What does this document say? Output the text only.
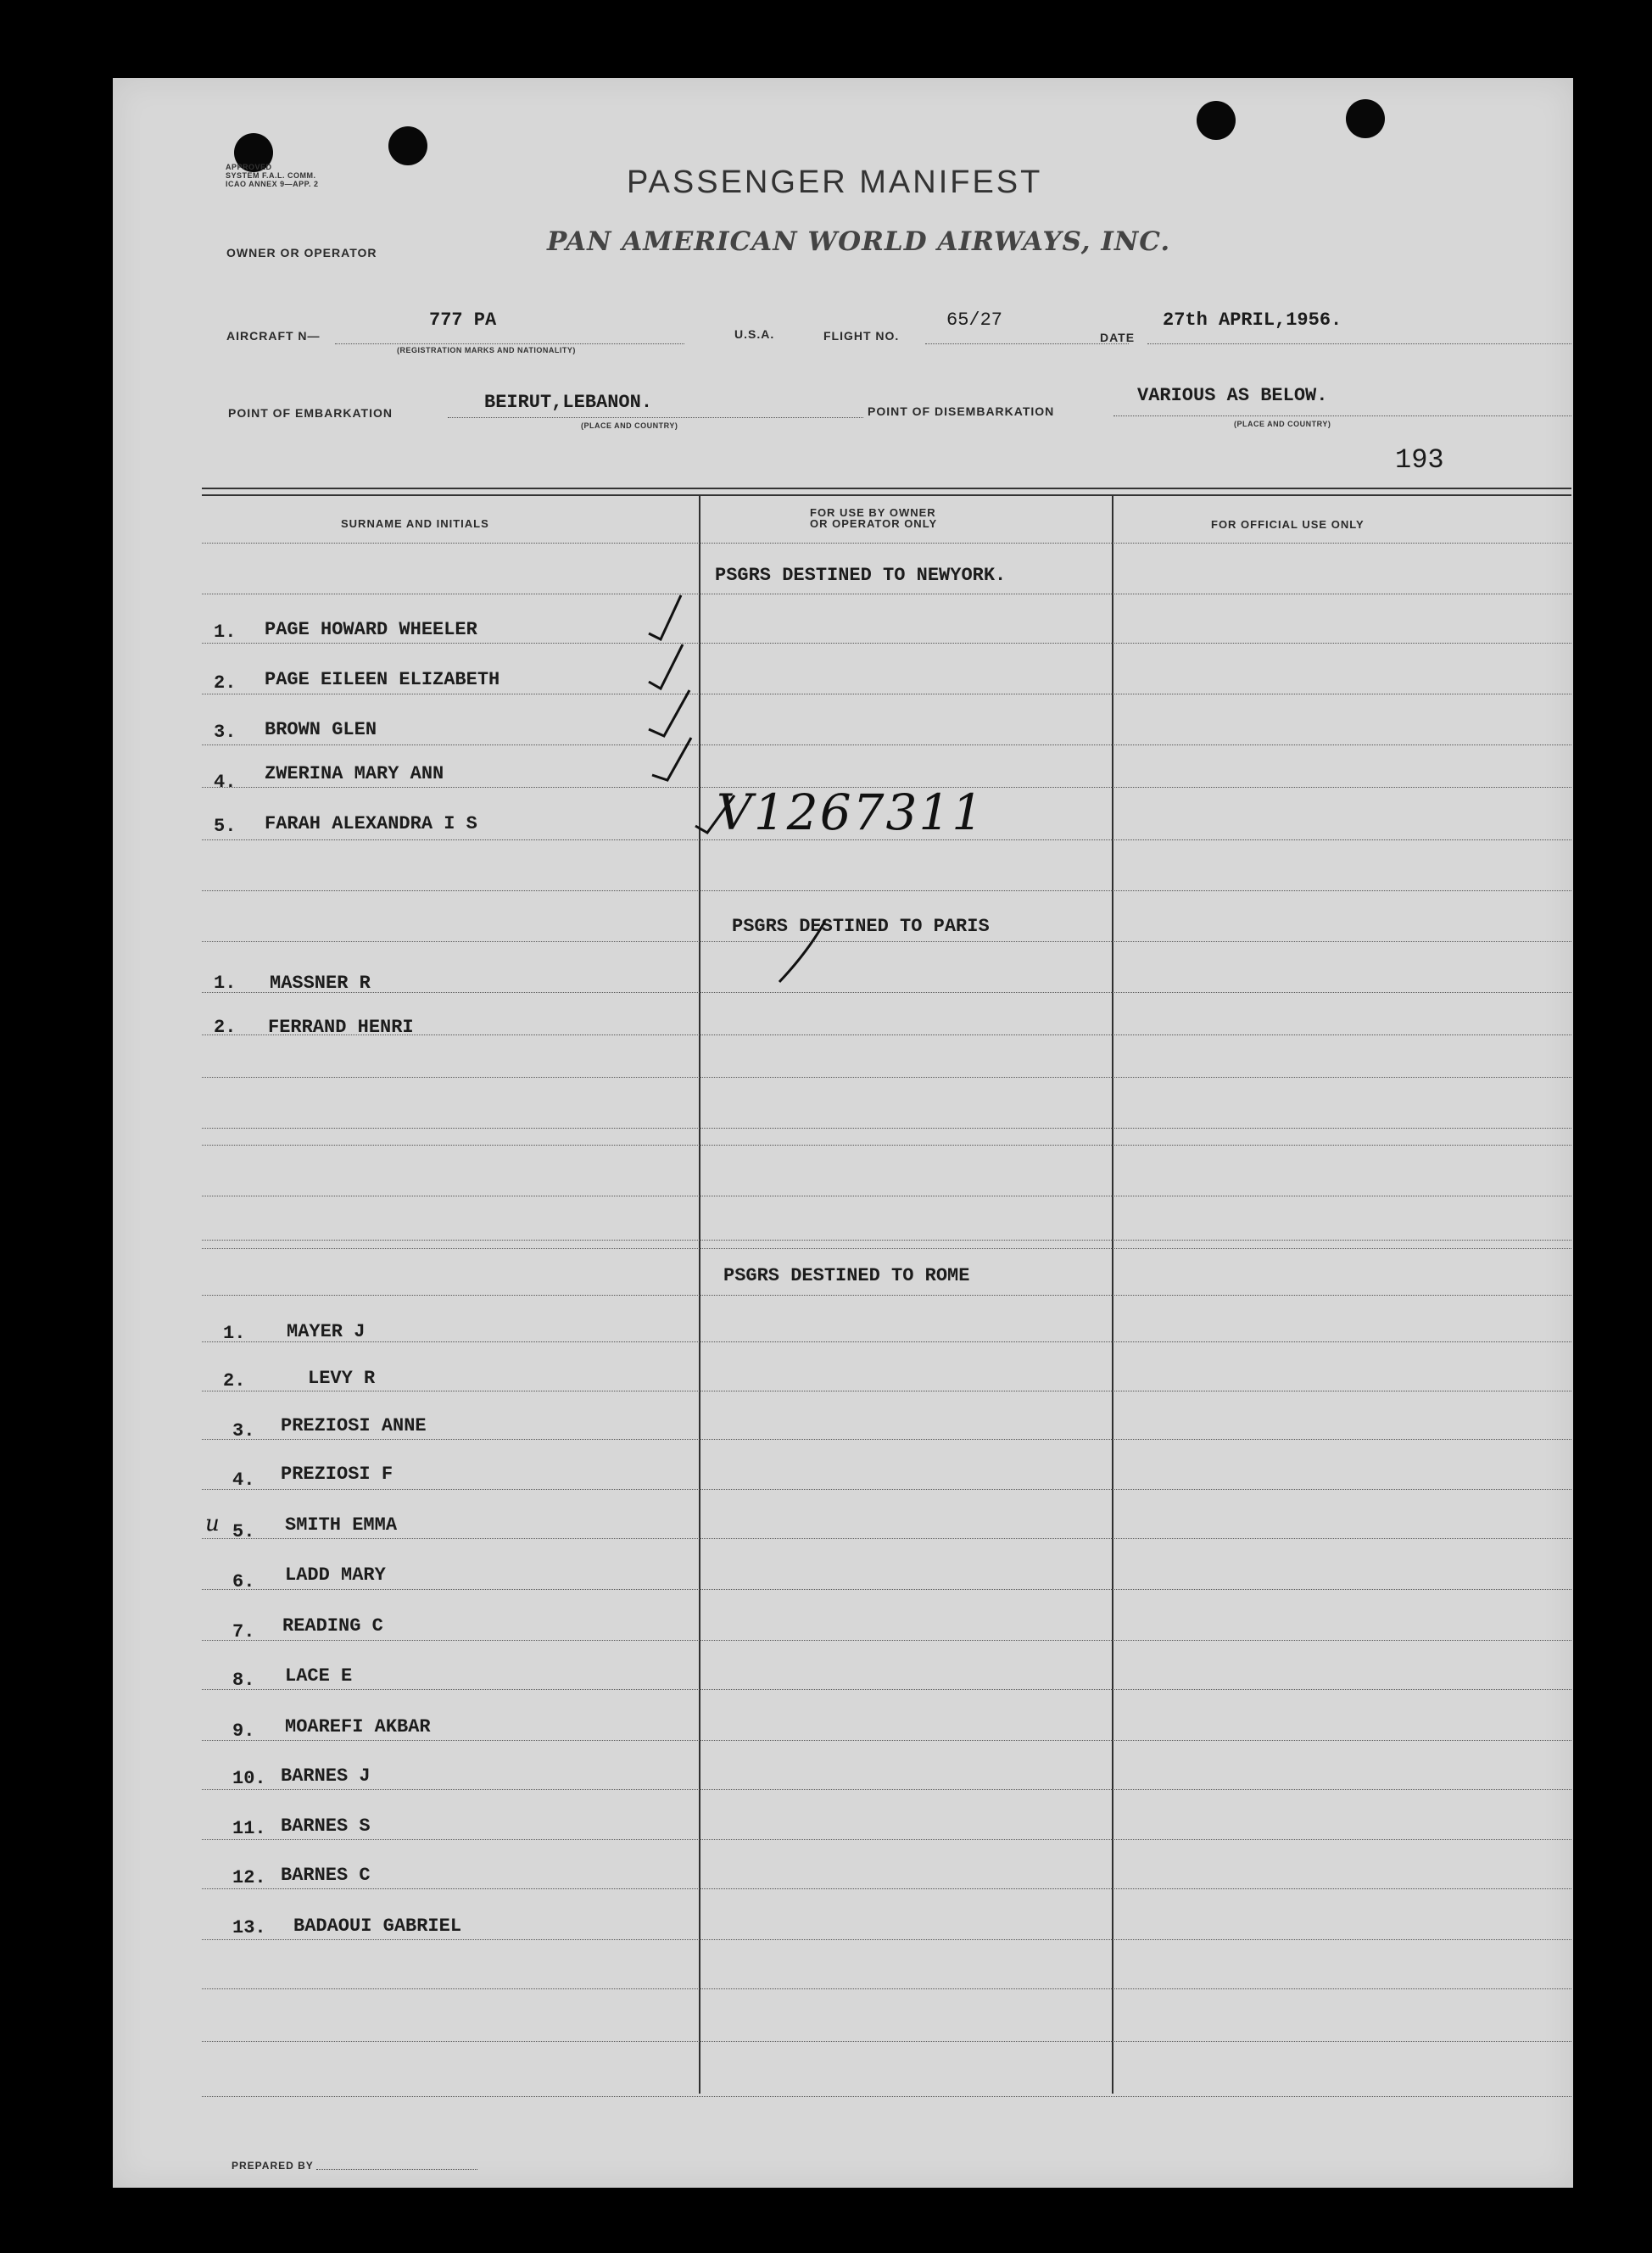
APPROVED
SYSTEM F.A.L. COMM.
ICAO ANNEX 9—APP. 2	PASSENGER MANIFEST
PAN AMERICAN WORLD AIRWAYS, INC.
OWNER OR OPERATOR
AIRCRAFT N—
777 PA
(REGISTRATION MARKS AND NATIONALITY)
U.S.A.	FLIGHT NO.
65/27
DATE
27th APRIL,1956.
POINT OF EMBARKATION	BEIRUT,LEBANON.
(PLACE AND COUNTRY)
POINT OF DISEMBARKATION
VARIOUS AS BELOW.
(PLACE AND COUNTRY)
193
SURNAME AND INITIALS
FOR USE BY OWNER
OR OPERATOR ONLY	FOR OFFICIAL USE ONLY
PSGRS DESTINED TO NEWYORK.
1. PAGE HOWARD WHEELER
2. PAGE EILEEN ELIZABETH
3. BROWN GLEN
4. ZWERINA MARY ANN
5. FARAH ALEXANDRA I S	V1267311
PSGRS DESTINED TO PARIS
1. MASSNER R
2. FERRAND HENRI
PSGRS DESTINED TO ROME
1. MAYER J
2.	LEVY R
3. PREZIOSI ANNE
4. PREZIOSI F
u 5. SMITH EMMA
6. LADD MARY
7. READING C
8. LACE E
9. MOAREFI AKBAR
10. BARNES J
11. BARNES S
12. BARNES C
13. BADAOUI GABRIEL
PREPARED BY
